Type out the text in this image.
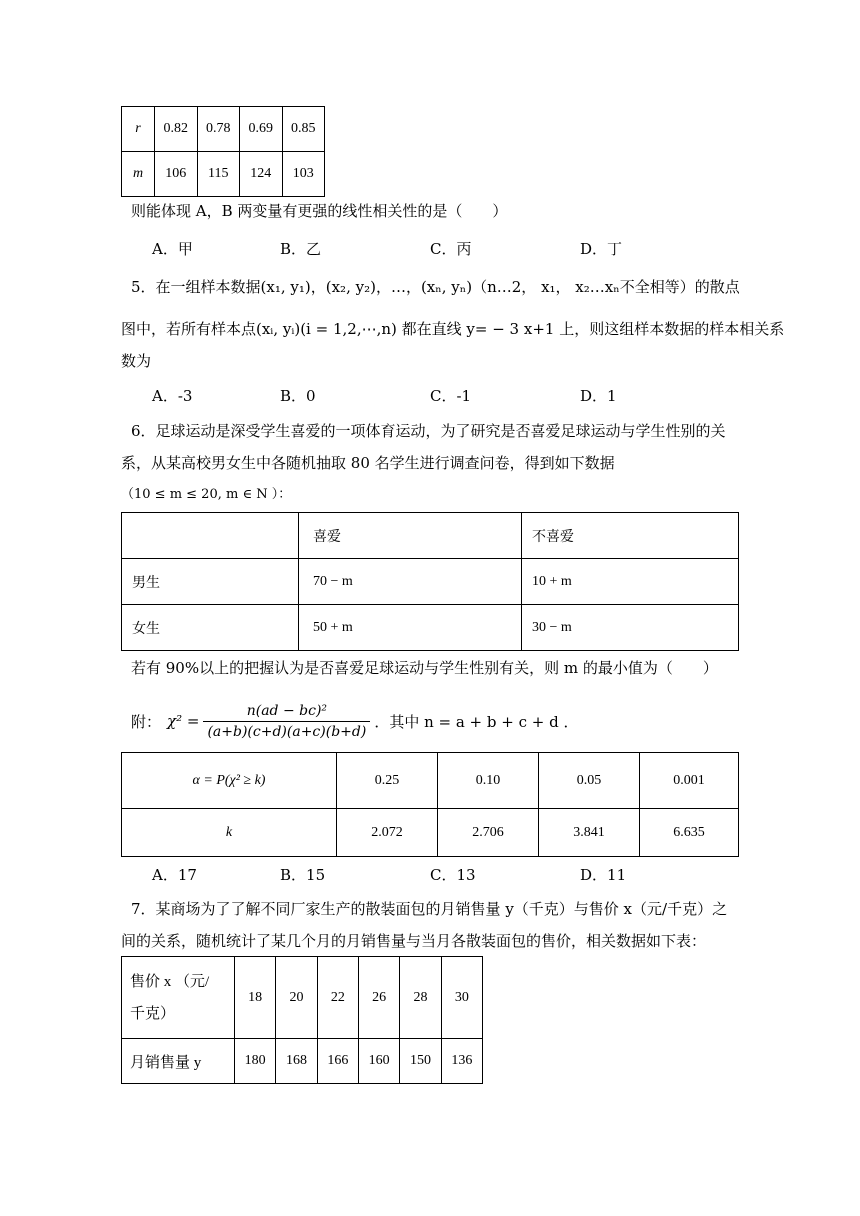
r	0.82	0.78	0.69	0.85
m	106	115	124	103
则能体现 A，B 两变量有更强的线性相关性的是（　　）
A．甲	B．乙	C．丙	D．丁
5．在一组样本数据(x₁, y₁)，(x₂, y₂)，…，(xₙ, yₙ)（n…2， x₁， x₂…xₙ不全相等）的散点
图中，若所有样本点(xᵢ, yᵢ)(i = 1,2,⋯,n) 都在直线 y= − 3 x+1 上，则这组样本数据的样本相关系
数为
A．-3	B．0	C．-1	D．1
6．足球运动是深受学生喜爱的一项体育运动，为了研究是否喜爱足球运动与学生性别的关
系，从某高校男女生中各随机抽取 80 名学生进行调查问卷，得到如下数据
（10 ≤ m ≤ 20, m ∈ N ）：
	喜爱	不喜爱
男生	70 − m	10 + m
女生	50 + m	30 − m
若有 90%以上的把握认为是否喜爱足球运动与学生性别有关，则 m 的最小值为（　　）
附： $\chi^2 = \frac{\text{n(ad − bc)²}}{(a+b)(c+d)(a+c)(b+d)}$ ．其中 n = a + b + c + d ．
α = P(χ² ≥ k)	0.25	0.10	0.05	0.001
k	2.072	2.706	3.841	6.635
A．17	B．15	C．13	D．11
7．某商场为了了解不同厂家生产的散装面包的月销售量 y（千克）与售价 x（元/千克）之
间的关系，随机统计了某几个月的月销售量与当月各散装面包的售价，相关数据如下表：
售价 x （元/
千克）	18	20	22	26	28	30
月销售量 y	180	168	166	160	150	136
